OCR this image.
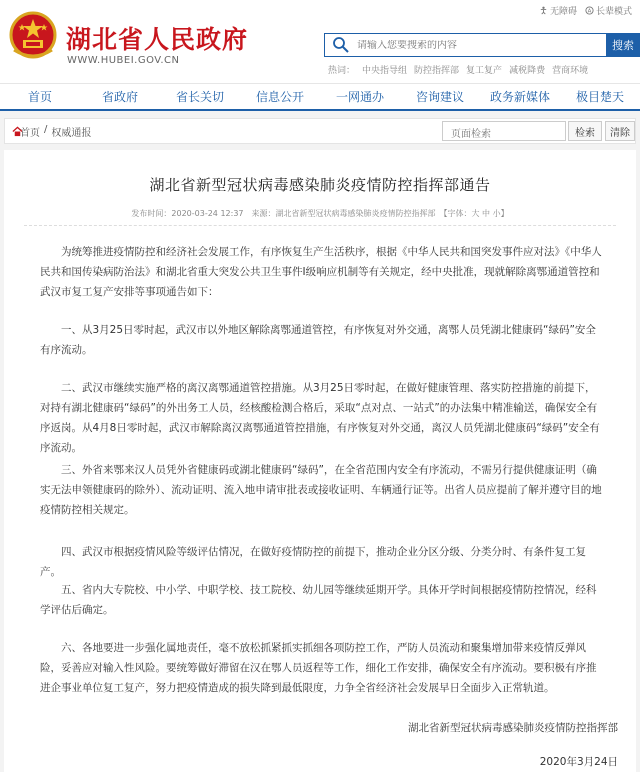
湖北省人民政府
WWW.HUBEI.GOV.CN
无障碍 A 长辈模式
请输入您要搜索的内容
搜索
热词： 中央指导组 防控指挥部 复工复产 减税降费 营商环境
首页	省政府	省长关切	信息公开	一网通办	咨询建议	政务新媒体	极目楚天
首页 / 权威通报
页面检索	检索	清除
湖北省新型冠状病毒感染肺炎疫情防控指挥部通告
发布时间：2020-03-24 12:37　来源：湖北省新型冠状病毒感染肺炎疫情防控指挥部　【字体：大 中 小】

为统筹推进疫情防控和经济社会发展工作，有序恢复生产生活秩序，根据《中华人民共和国突发事件应对法》《中华人民共和国传染病防治法》和湖北省重大突发公共卫生事件Ⅰ级响应机制等有关规定，经中央批准，现就解除离鄂通道管控和武汉市复工复产安排等事项通告如下：

一、从3月25日零时起，武汉市以外地区解除离鄂通道管控，有序恢复对外交通，离鄂人员凭湖北健康码“绿码”安全有序流动。

二、武汉市继续实施严格的离汉离鄂通道管控措施。从3月25日零时起，在做好健康管理、落实防控措施的前提下，对持有湖北健康码“绿码”的外出务工人员，经核酸检测合格后，采取“点对点、一站式”的办法集中精准输送，确保安全有序返岗。从4月8日零时起，武汉市解除离汉离鄂通道管控措施，有序恢复对外交通，离汉人员凭湖北健康码“绿码”安全有序流动。

三、外省来鄂来汉人员凭外省健康码或湖北健康码“绿码”，在全省范围内安全有序流动，不需另行提供健康证明（确实无法申领健康码的除外）、流动证明、流入地申请审批表或接收证明、车辆通行证等。出省人员应提前了解并遵守目的地疫情防控相关规定。

四、武汉市根据疫情风险等级评估情况，在做好疫情防控的前提下，推动企业分区分级、分类分时、有条件复工复产。

五、省内大专院校、中小学、中职学校、技工院校、幼儿园等继续延期开学。具体开学时间根据疫情防控情况，经科学评估后确定。

六、各地要进一步强化属地责任，毫不放松抓紧抓实抓细各项防控工作，严防人员流动和聚集增加带来疫情反弹风险，妥善应对输入性风险。要统筹做好滞留在汉在鄂人员返程等工作，细化工作安排，确保安全有序流动。要积极有序推进企事业单位复工复产，努力把疫情造成的损失降到最低限度，力争全省经济社会发展早日全面步入正常轨道。

湖北省新型冠状病毒感染肺炎疫情防控指挥部
2020年3月24日
